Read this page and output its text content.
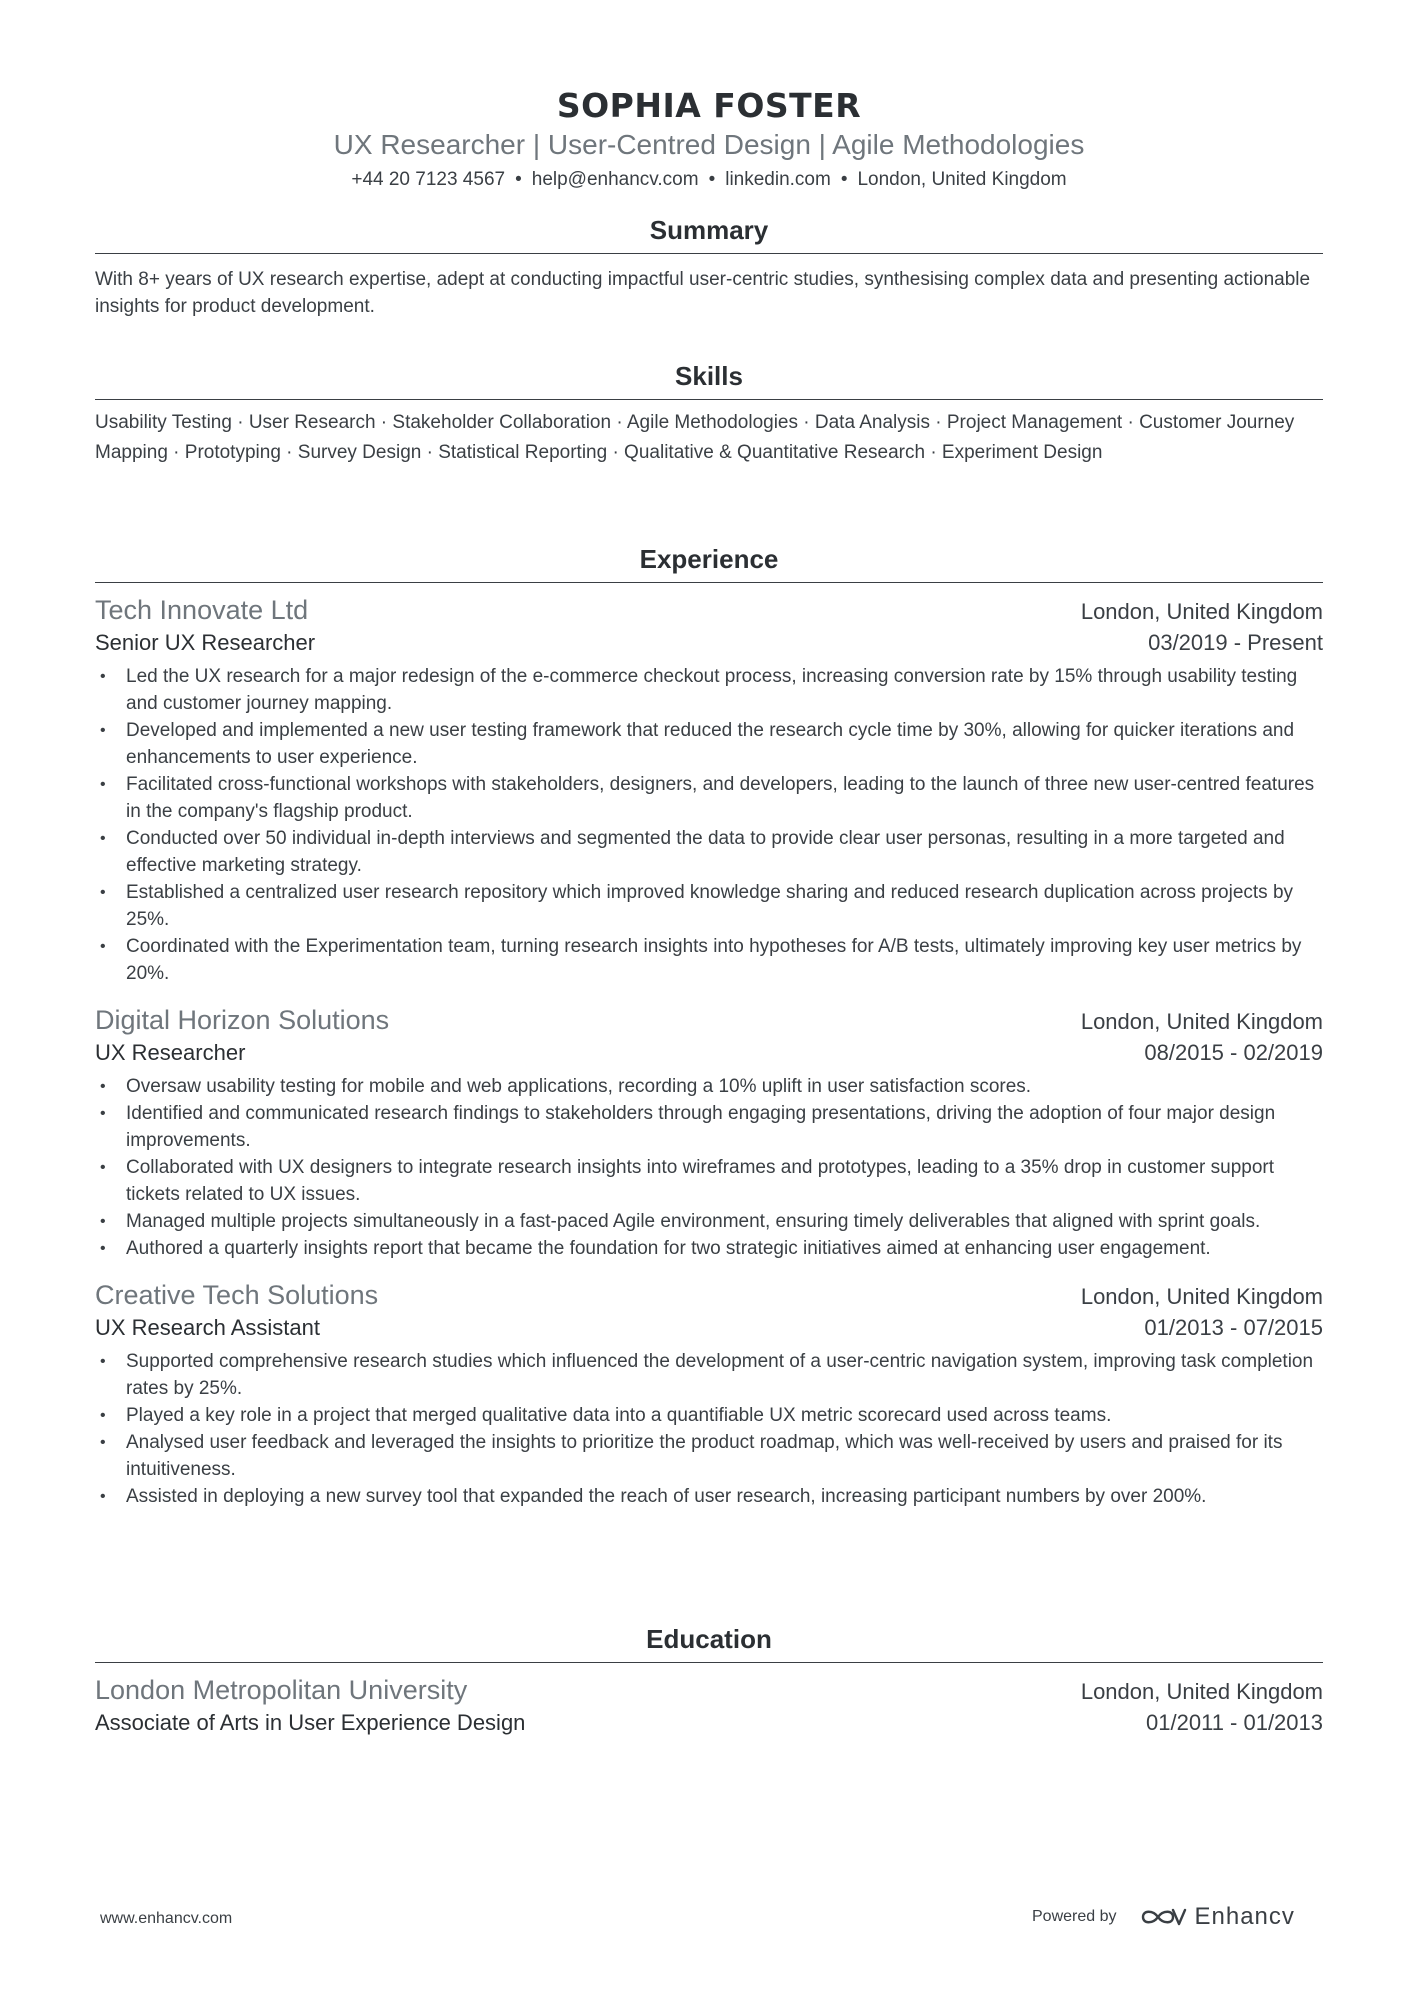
SOPHIA FOSTER
UX Researcher | User-Centred Design | Agile Methodologies
+44 20 7123 4567 • help@enhancv.com • linkedin.com • London, United Kingdom
Summary
With 8+ years of UX research expertise, adept at conducting impactful user-centric studies, synthesising complex data and presenting actionable insights for product development.
Skills
Usability Testing · User Research · Stakeholder Collaboration · Agile Methodologies · Data Analysis · Project Management · Customer Journey Mapping · Prototyping · Survey Design · Statistical Reporting · Qualitative & Quantitative Research · Experiment Design
Experience
Tech Innovate Ltd	London, United Kingdom
Senior UX Researcher	03/2019 - Present
• Led the UX research for a major redesign of the e-commerce checkout process, increasing conversion rate by 15% through usability testing and customer journey mapping.
• Developed and implemented a new user testing framework that reduced the research cycle time by 30%, allowing for quicker iterations and enhancements to user experience.
• Facilitated cross-functional workshops with stakeholders, designers, and developers, leading to the launch of three new user-centred features in the company's flagship product.
• Conducted over 50 individual in-depth interviews and segmented the data to provide clear user personas, resulting in a more targeted and effective marketing strategy.
• Established a centralized user research repository which improved knowledge sharing and reduced research duplication across projects by 25%.
• Coordinated with the Experimentation team, turning research insights into hypotheses for A/B tests, ultimately improving key user metrics by 20%.
Digital Horizon Solutions	London, United Kingdom
UX Researcher	08/2015 - 02/2019
• Oversaw usability testing for mobile and web applications, recording a 10% uplift in user satisfaction scores.
• Identified and communicated research findings to stakeholders through engaging presentations, driving the adoption of four major design improvements.
• Collaborated with UX designers to integrate research insights into wireframes and prototypes, leading to a 35% drop in customer support tickets related to UX issues.
• Managed multiple projects simultaneously in a fast-paced Agile environment, ensuring timely deliverables that aligned with sprint goals.
• Authored a quarterly insights report that became the foundation for two strategic initiatives aimed at enhancing user engagement.
Creative Tech Solutions	London, United Kingdom
UX Research Assistant	01/2013 - 07/2015
• Supported comprehensive research studies which influenced the development of a user-centric navigation system, improving task completion rates by 25%.
• Played a key role in a project that merged qualitative data into a quantifiable UX metric scorecard used across teams.
• Analysed user feedback and leveraged the insights to prioritize the product roadmap, which was well-received by users and praised for its intuitiveness.
• Assisted in deploying a new survey tool that expanded the reach of user research, increasing participant numbers by over 200%.
Education
London Metropolitan University	London, United Kingdom
Associate of Arts in User Experience Design	01/2011 - 01/2013
www.enhancv.com	Powered by	Enhancv
